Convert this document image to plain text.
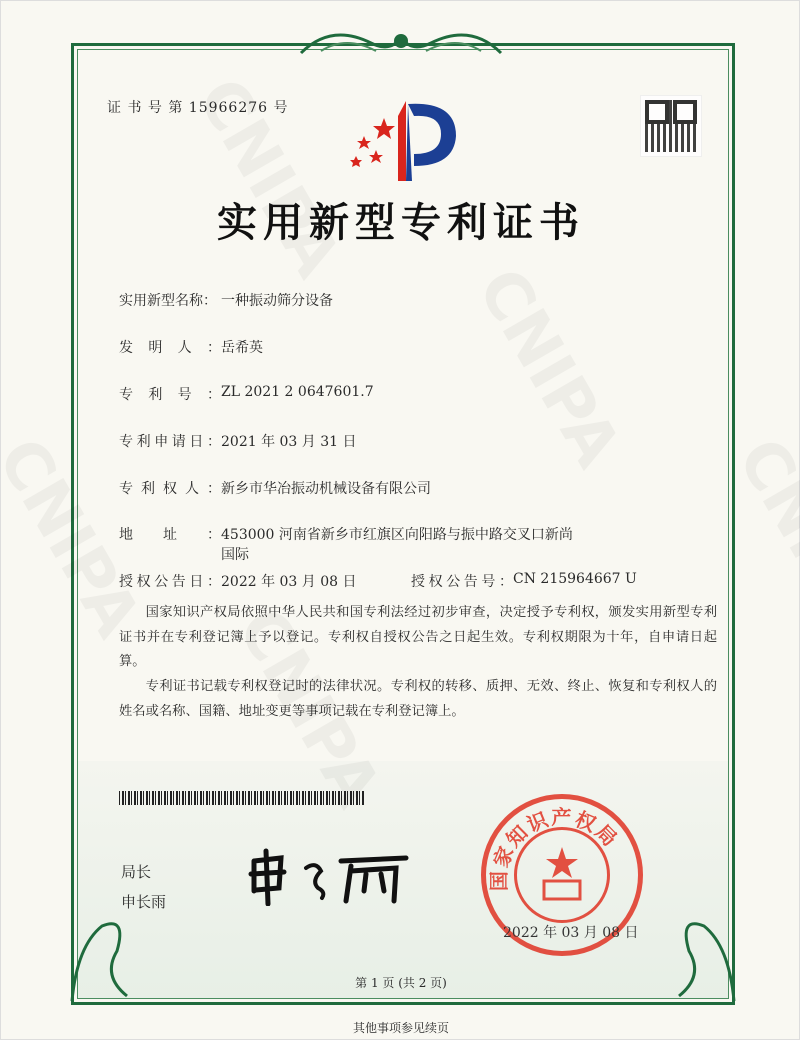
证 书 号 第 15966276 号
实用新型专利证书
实用新型名称： 一种振动筛分设备
发明人： 岳希英
专利号： ZL 2021 2 0647601.7
专利申请日： 2021 年 03 月 31 日
专利权人： 新乡市华冶振动机械设备有限公司
地址： 453000 河南省新乡市红旗区向阳路与振中路交叉口新尚
国际
授权公告日： 2022 年 03 月 08 日	授权公告号： CN 215964667 U
国家知识产权局依照中华人民共和国专利法经过初步审查，决定授予专利权，颁发实用新型专利证书并在专利登记簿上予以登记。专利权自授权公告之日起生效。专利权期限为十年，自申请日起算。
专利证书记载专利权登记时的法律状况。专利权的转移、质押、无效、终止、恢复和专利权人的姓名或名称、国籍、地址变更等事项记载在专利登记簿上。
局长
申长雨
国家知识产权局
2022 年 03 月 08 日
第 1 页 (共 2 页)
其他事项参见续页
